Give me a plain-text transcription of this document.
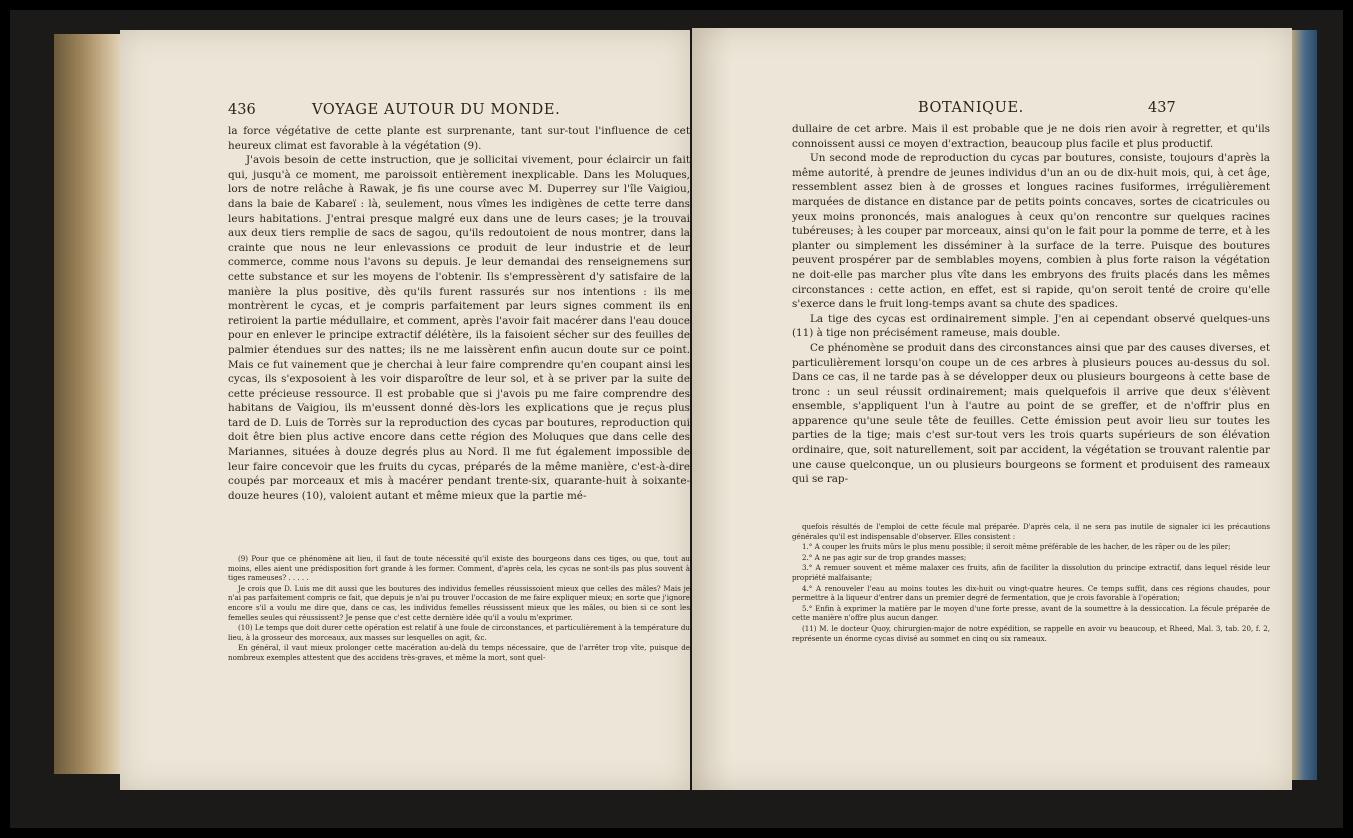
436	VOYAGE AUTOUR DU MONDE.

la force végétative de cette plante est surprenante, tant sur-tout l'influence de cet heureux climat est favorable à la végétation (9).

J'avois besoin de cette instruction, que je sollicitai vivement, pour éclaircir un fait qui, jusqu'à ce moment, me paroissoit entièrement inexplicable. Dans les Moluques, lors de notre relâche à Rawak, je fis une course avec M. Duperrey sur l'île Vaigiou, dans la baie de Kabareï : là, seulement, nous vîmes les indigènes de cette terre dans leurs habitations. J'entrai presque malgré eux dans une de leurs cases; je la trouvai aux deux tiers remplie de sacs de sagou, qu'ils redoutoient de nous montrer, dans la crainte que nous ne leur enlevassions ce produit de leur industrie et de leur commerce, comme nous l'avons su depuis. Je leur demandai des renseignemens sur cette substance et sur les moyens de l'obtenir. Ils s'empressèrent d'y satisfaire de la manière la plus positive, dès qu'ils furent rassurés sur nos intentions : ils me montrèrent le cycas, et je compris parfaitement par leurs signes comment ils en retiroient la partie médullaire, et comment, après l'avoir fait macérer dans l'eau douce pour en enlever le principe extractif délétère, ils la faisoient sécher sur des feuilles de palmier étendues sur des nattes; ils ne me laissèrent enfin aucun doute sur ce point. Mais ce fut vainement que je cherchai à leur faire comprendre qu'en coupant ainsi les cycas, ils s'exposoient à les voir disparoître de leur sol, et à se priver par la suite de cette précieuse ressource. Il est probable que si j'avois pu me faire comprendre des habitans de Vaigiou, ils m'eussent donné dès-lors les explications que je reçus plus tard de D. Luis de Torrès sur la reproduction des cycas par boutures, reproduction qui doit être bien plus active encore dans cette région des Moluques que dans celle des Mariannes, situées à douze degrés plus au Nord. Il me fut également impossible de leur faire concevoir que les fruits du cycas, préparés de la même manière, c'est-à-dire coupés par morceaux et mis à macérer pendant trente-six, quarante-huit à soixante-douze heures (10), valoient autant et même mieux que la partie mé-

(9) Pour que ce phénomène ait lieu, il faut de toute nécessité qu'il existe des bourgeons dans ces tiges, ou que, tout au moins, elles aient une prédisposition fort grande à les former. Comment, d'après cela, les cycas ne sont-ils pas plus souvent à tiges rameuses? . . . . .

Je crois que D. Luis me dit aussi que les boutures des individus femelles réussissoient mieux que celles des mâles? Mais je n'ai pas parfaitement compris ce fait, que depuis je n'ai pu trouver l'occasion de me faire expliquer mieux; en sorte que j'ignore encore s'il a voulu me dire que, dans ce cas, les individus femelles réussissent mieux que les mâles, ou bien si ce sont les femelles seules qui réussissent? Je pense que c'est cette dernière idée qu'il a voulu m'exprimer.

(10) Le temps que doit durer cette opération est relatif à une foule de circonstances, et particulièrement à la température du lieu, à la grosseur des morceaux, aux masses sur lesquelles on agit, &c.

En général, il vaut mieux prolonger cette macération au-delà du temps nécessaire, que de l'arrêter trop vîte, puisque de nombreux exemples attestent que des accidens très-graves, et même la mort, sont quel-

BOTANIQUE.	437

dullaire de cet arbre. Mais il est probable que je ne dois rien avoir à regretter, et qu'ils connoissent aussi ce moyen d'extraction, beaucoup plus facile et plus productif.

Un second mode de reproduction du cycas par boutures, consiste, toujours d'après la même autorité, à prendre de jeunes individus d'un an ou de dix-huit mois, qui, à cet âge, ressemblent assez bien à de grosses et longues racines fusiformes, irrégulièrement marquées de distance en distance par de petits points concaves, sortes de cicatricules ou yeux moins prononcés, mais analogues à ceux qu'on rencontre sur quelques racines tubéreuses; à les couper par morceaux, ainsi qu'on le fait pour la pomme de terre, et à les planter ou simplement les disséminer à la surface de la terre. Puisque des boutures peuvent prospérer par de semblables moyens, combien à plus forte raison la végétation ne doit-elle pas marcher plus vîte dans les embryons des fruits placés dans les mêmes circonstances : cette action, en effet, est si rapide, qu'on seroit tenté de croire qu'elle s'exerce dans le fruit long-temps avant sa chute des spadices.

La tige des cycas est ordinairement simple. J'en ai cependant observé quelques-uns (11) à tige non précisément rameuse, mais double.

Ce phénomène se produit dans des circonstances ainsi que par des causes diverses, et particulièrement lorsqu'on coupe un de ces arbres à plusieurs pouces au-dessus du sol. Dans ce cas, il ne tarde pas à se développer deux ou plusieurs bourgeons à cette base de tronc : un seul réussit ordinairement; mais quelquefois il arrive que deux s'élèvent ensemble, s'appliquent l'un à l'autre au point de se greffer, et de n'offrir plus en apparence qu'une seule tête de feuilles. Cette émission peut avoir lieu sur toutes les parties de la tige; mais c'est sur-tout vers les trois quarts supérieurs de son élévation ordinaire, que, soit naturellement, soit par accident, la végétation se trouvant ralentie par une cause quelconque, un ou plusieurs bourgeons se forment et produisent des rameaux qui se rap-

quefois résultés de l'emploi de cette fécule mal préparée. D'après cela, il ne sera pas inutile de signaler ici les précautions générales qu'il est indispensable d'observer. Elles consistent :

1.° A couper les fruits mûrs le plus menu possible; il seroit même préférable de les hacher, de les râper ou de les piler;

2.° A ne pas agir sur de trop grandes masses;

3.° A remuer souvent et même malaxer ces fruits, afin de faciliter la dissolution du principe extractif, dans lequel réside leur propriété malfaisante;

4.° A renouveler l'eau au moins toutes les dix-huit ou vingt-quatre heures. Ce temps suffit, dans ces régions chaudes, pour permettre à la liqueur d'entrer dans un premier degré de fermentation, que je crois favorable à l'opération;

5.° Enfin à exprimer la matière par le moyen d'une forte presse, avant de la soumettre à la dessiccation. La fécule préparée de cette manière n'offre plus aucun danger.

(11) M. le docteur Quoy, chirurgien-major de notre expédition, se rappelle en avoir vu beaucoup, et Rheed, Mal. 3, tab. 20, f. 2, représente un énorme cycas divisé au sommet en cinq ou six rameaux.
